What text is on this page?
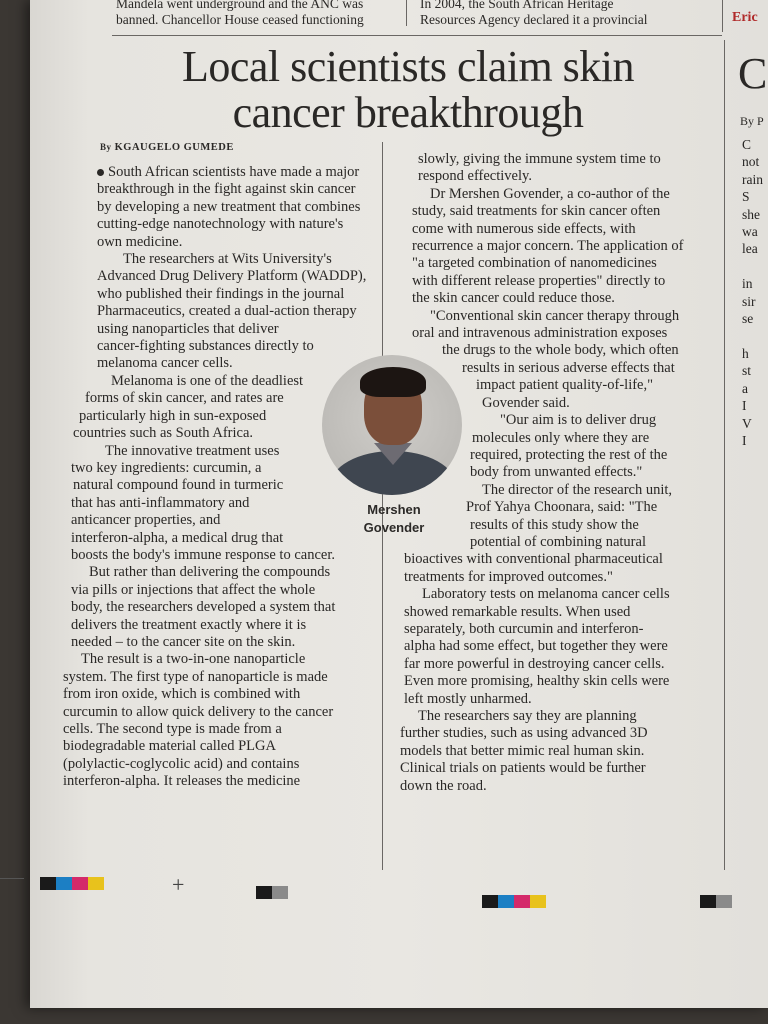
Mandela went underground and the ANC was
banned. Chancellor House ceased functioning
In 2004, the South African Heritage
Resources Agency declared it a provincial	Eric
Local scientists claim skin
cancer breakthrough
By KGAUGELO GUMEDE

South African scientists have made a major

breakthrough in the fight against skin cancer

by developing a new treatment that combines

cutting-edge nanotechnology with nature's

own medicine.

The researchers at Wits University's

Advanced Drug Delivery Platform (WADDP),

who published their findings in the journal

Pharmaceutics, created a dual-action therapy

using nanoparticles that deliver

cancer-fighting substances directly to

melanoma cancer cells.

Melanoma is one of the deadliest

forms of skin cancer, and rates are

particularly high in sun-exposed

countries such as South Africa.

The innovative treatment uses

two key ingredients: curcumin, a

natural compound found in turmeric

that has anti-inflammatory and

anticancer properties, and

interferon-alpha, a medical drug that

boosts the body's immune response to cancer.

But rather than delivering the compounds

via pills or injections that affect the whole

body, the researchers developed a system that

delivers the treatment exactly where it is

needed – to the cancer site on the skin.

The result is a two-in-one nanoparticle

system. The first type of nanoparticle is made

from iron oxide, which is combined with

curcumin to allow quick delivery to the cancer

cells. The second type is made from a

biodegradable material called PLGA

(polylactic-coglycolic acid) and contains

interferon-alpha. It releases the medicine

slowly, giving the immune system time to

respond effectively.

Dr Mershen Govender, a co-author of the

study, said treatments for skin cancer often

come with numerous side effects, with

recurrence a major concern. The application of

"a targeted combination of nanomedicines

with different release properties" directly to

the skin cancer could reduce those.

"Conventional skin cancer therapy through

oral and intravenous administration exposes

the drugs to the whole body, which often

results in serious adverse effects that

impact patient quality-of-life,"

Govender said.

"Our aim is to deliver drug

molecules only where they are

required, protecting the rest of the

body from unwanted effects."

The director of the research unit,

Prof Yahya Choonara, said: "The

results of this study show the

potential of combining natural

bioactives with conventional pharmaceutical

treatments for improved outcomes."

Laboratory tests on melanoma cancer cells

showed remarkable results. When used

separately, both curcumin and interferon-

alpha had some effect, but together they were

far more powerful in destroying cancer cells.

Even more promising, healthy skin cells were

left mostly unharmed.

The researchers say they are planning

further studies, such as using advanced 3D

models that better mimic real human skin.

Clinical trials on patients would be further

down the road.

Mershen
Govender
C
By P
C
not
rain
S
she
wa
lea

in
sir
se

h
st
a
I
V
I
+
